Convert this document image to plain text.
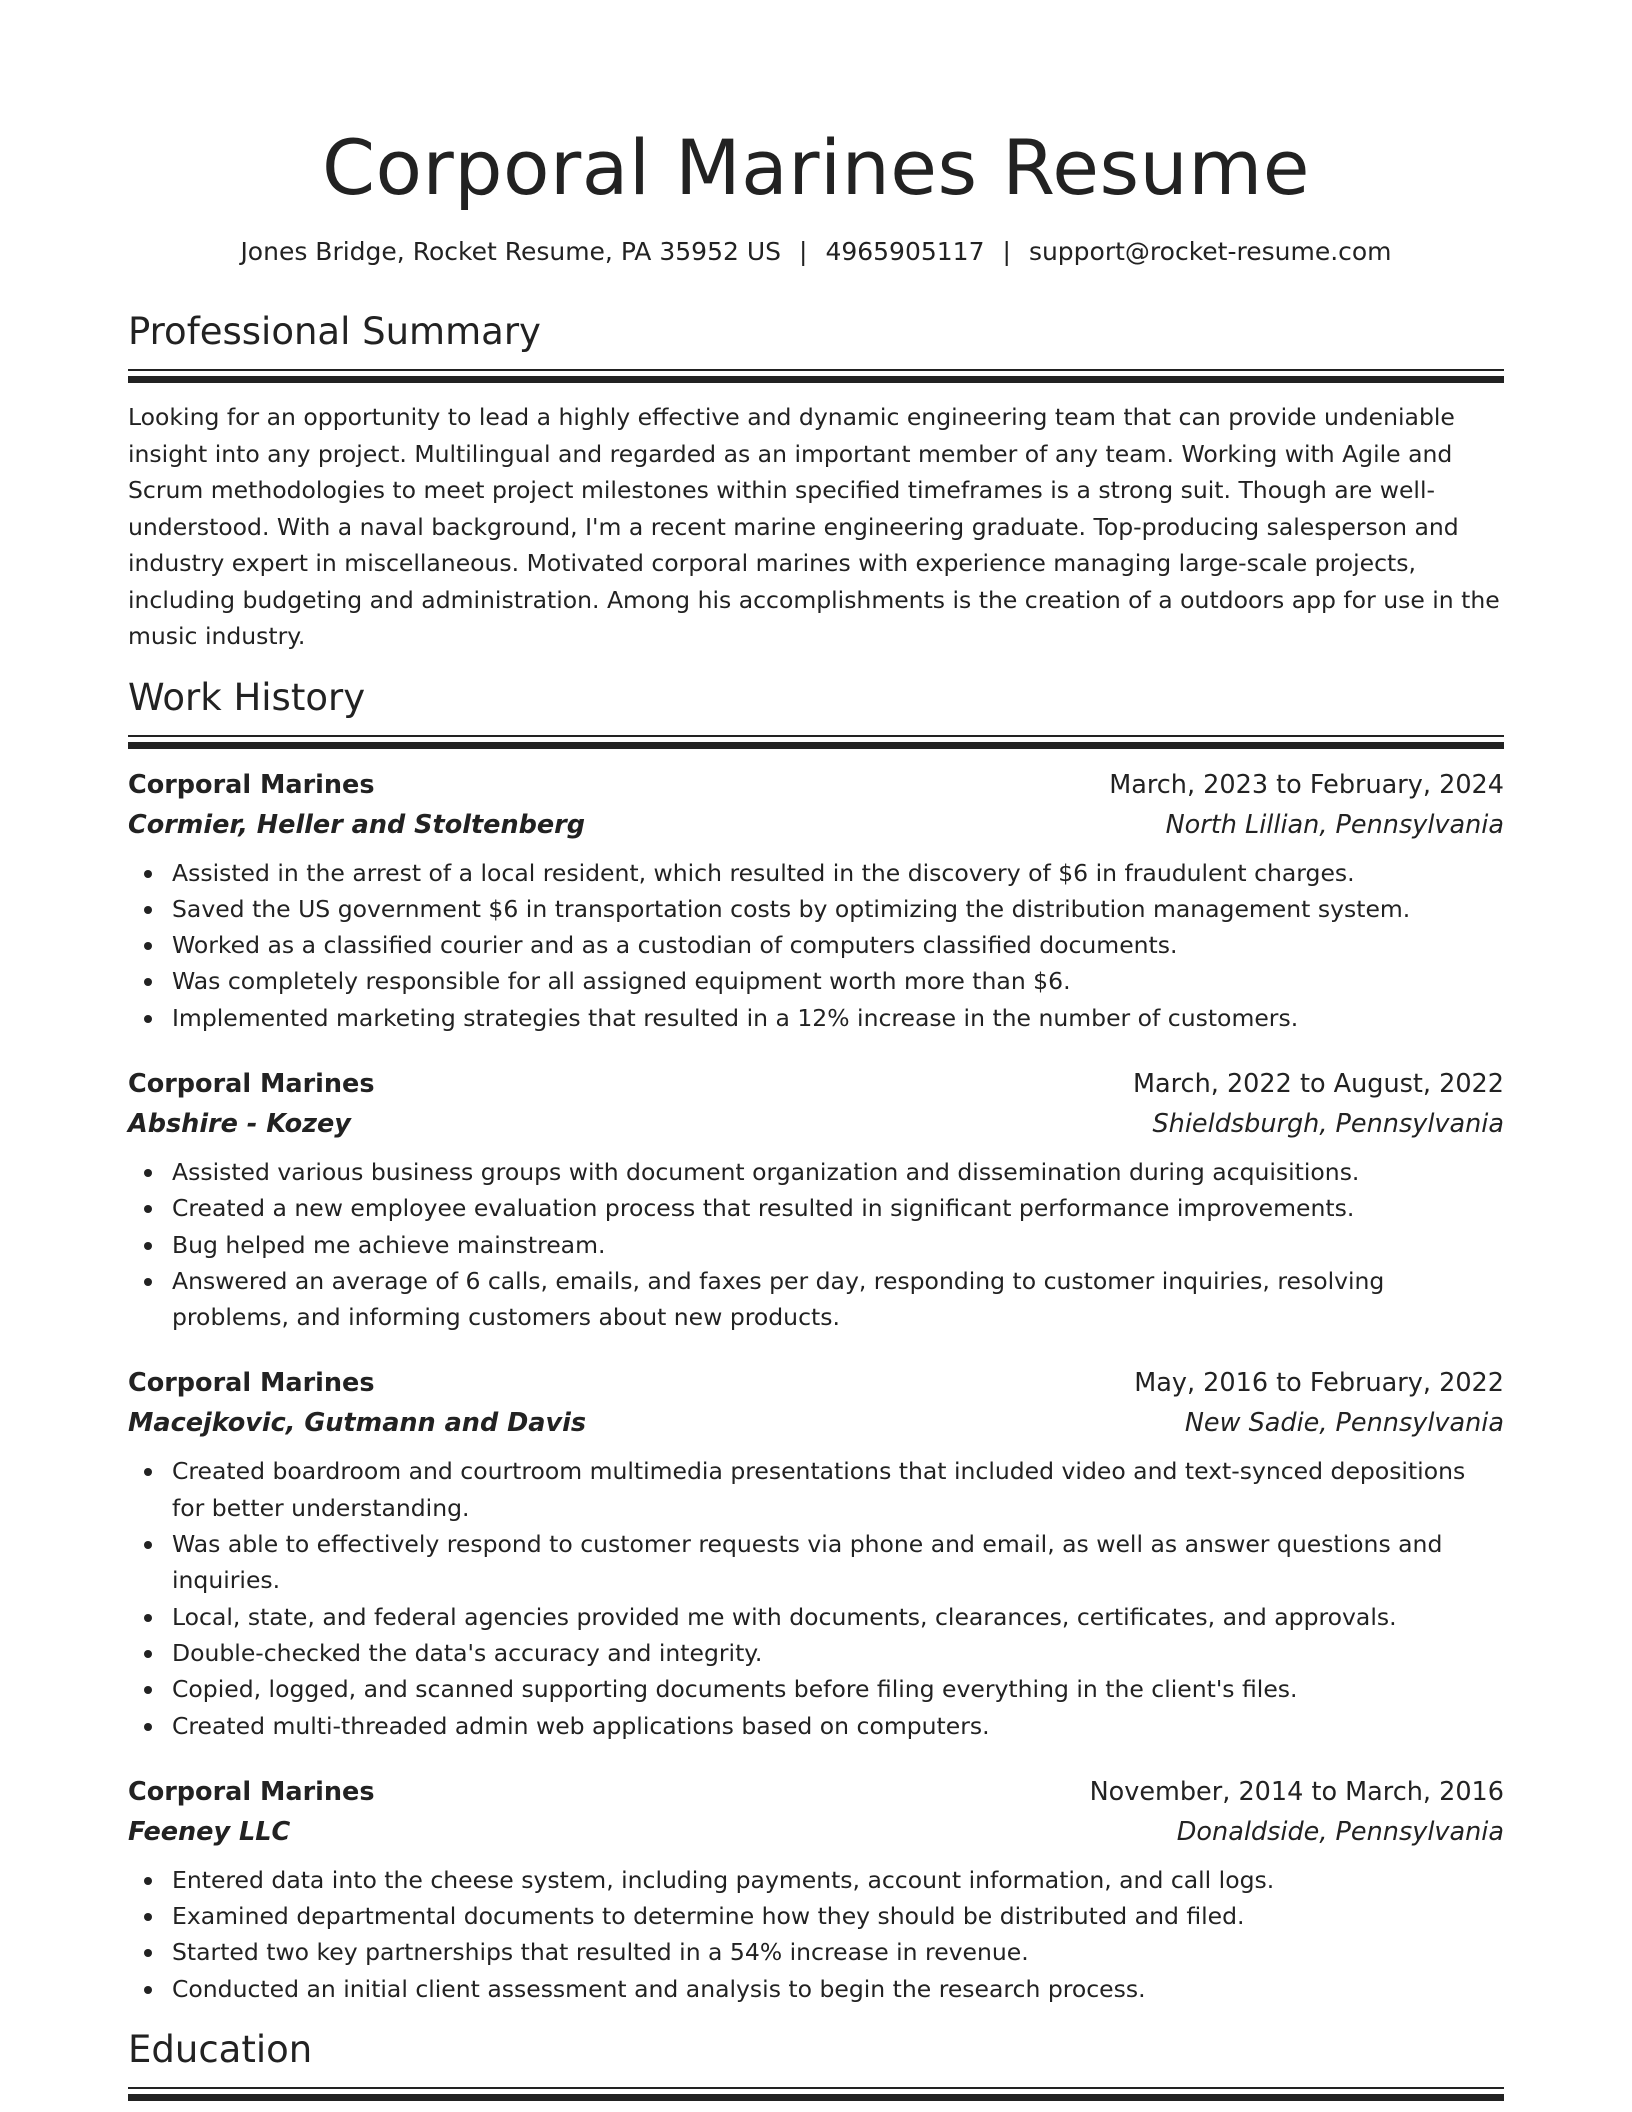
Corporal Marines Resume
Jones Bridge, Rocket Resume, PA 35952 US | 4965905117 | support@rocket-resume.com
Professional Summary
Looking for an opportunity to lead a highly effective and dynamic engineering team that can provide undeniable insight into any project. Multilingual and regarded as an important member of any team. Working with Agile and Scrum methodologies to meet project milestones within specified timeframes is a strong suit. Though are well-understood. With a naval background, I'm a recent marine engineering graduate. Top-producing salesperson and industry expert in miscellaneous. Motivated corporal marines with experience managing large-scale projects, including budgeting and administration. Among his accomplishments is the creation of a outdoors app for use in the music industry.
Work History
Corporal Marines	March, 2023 to February, 2024
Cormier, Heller and Stoltenberg	North Lillian, Pennsylvania
Assisted in the arrest of a local resident, which resulted in the discovery of $6 in fraudulent charges.
Saved the US government $6 in transportation costs by optimizing the distribution management system.
Worked as a classified courier and as a custodian of computers classified documents.
Was completely responsible for all assigned equipment worth more than $6.
Implemented marketing strategies that resulted in a 12% increase in the number of customers.
Corporal Marines	March, 2022 to August, 2022
Abshire - Kozey	Shieldsburgh, Pennsylvania
Assisted various business groups with document organization and dissemination during acquisitions.
Created a new employee evaluation process that resulted in significant performance improvements.
Bug helped me achieve mainstream.
Answered an average of 6 calls, emails, and faxes per day, responding to customer inquiries, resolving problems, and informing customers about new products.
Corporal Marines	May, 2016 to February, 2022
Macejkovic, Gutmann and Davis	New Sadie, Pennsylvania
Created boardroom and courtroom multimedia presentations that included video and text-synced depositions for better understanding.
Was able to effectively respond to customer requests via phone and email, as well as answer questions and inquiries.
Local, state, and federal agencies provided me with documents, clearances, certificates, and approvals.
Double-checked the data's accuracy and integrity.
Copied, logged, and scanned supporting documents before filing everything in the client's files.
Created multi-threaded admin web applications based on computers.
Corporal Marines	November, 2014 to March, 2016
Feeney LLC	Donaldside, Pennsylvania
Entered data into the cheese system, including payments, account information, and call logs.
Examined departmental documents to determine how they should be distributed and filed.
Started two key partnerships that resulted in a 54% increase in revenue.
Conducted an initial client assessment and analysis to begin the research process.
Education
